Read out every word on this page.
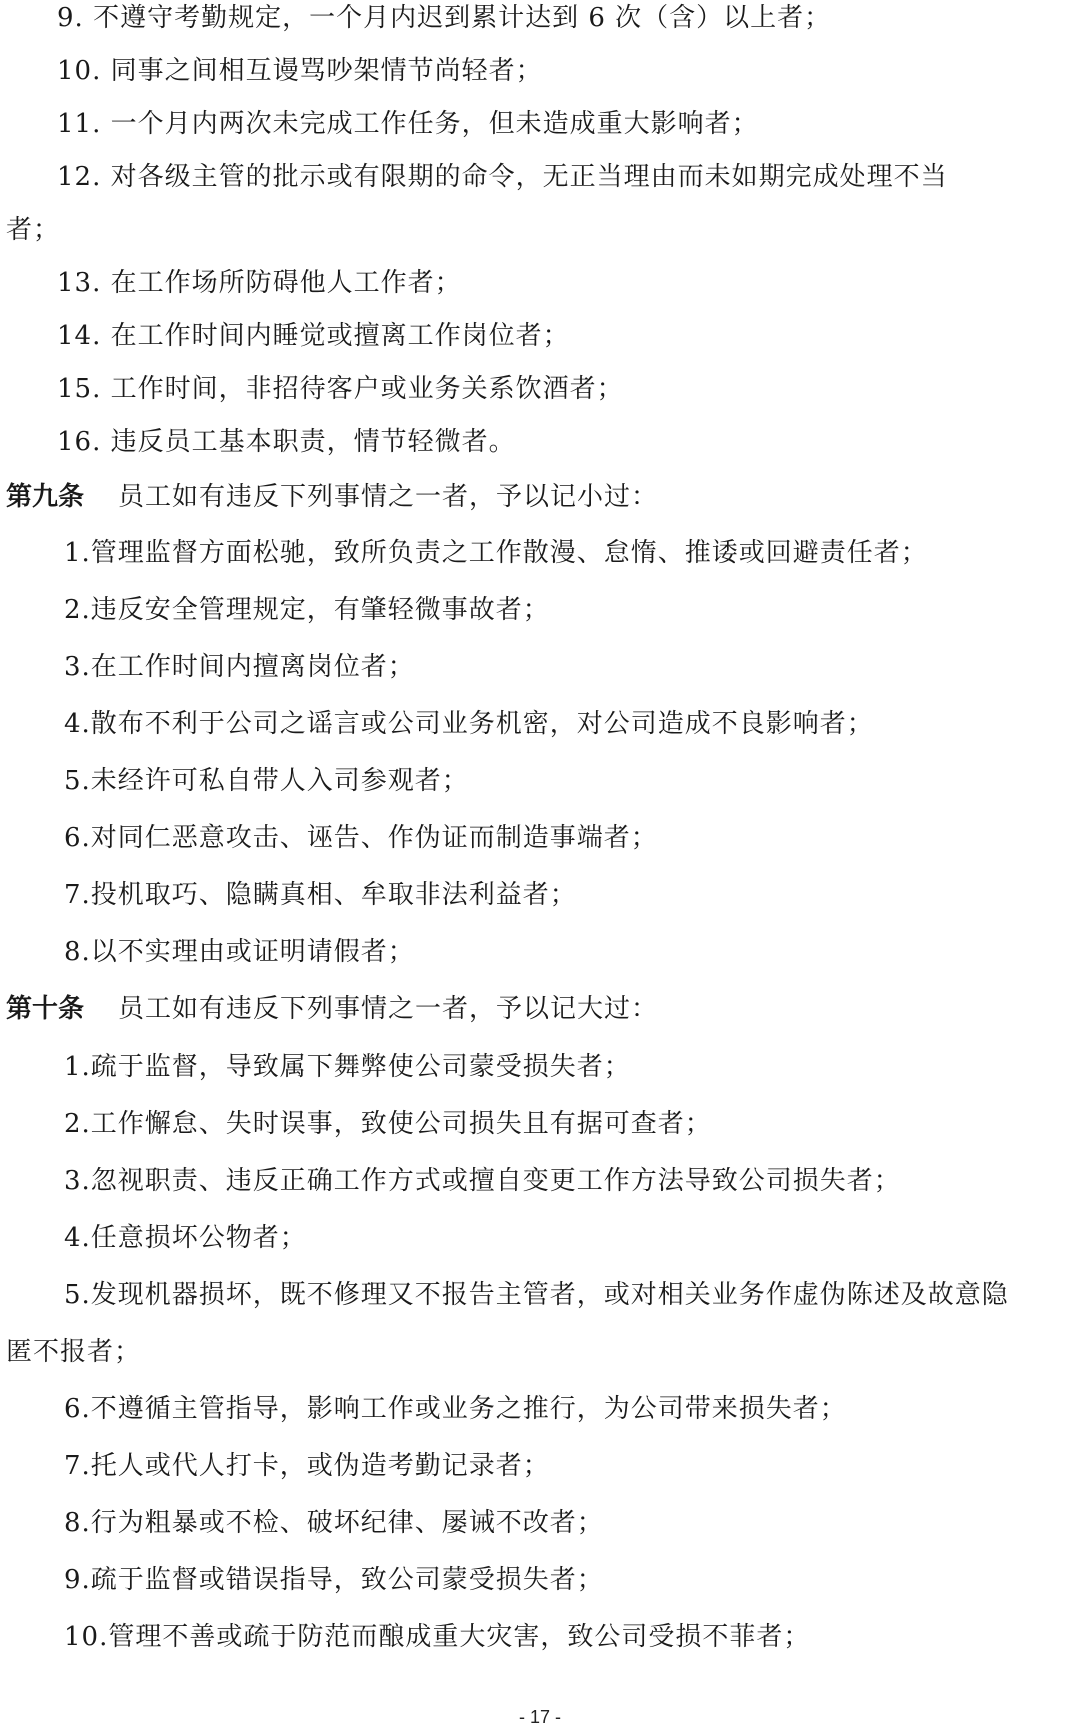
9. 不遵守考勤规定，一个月内迟到累计达到 6 次（含）以上者；
10. 同事之间相互谩骂吵架情节尚轻者；
11. 一个月内两次未完成工作任务，但未造成重大影响者；
12. 对各级主管的批示或有限期的命令，无正当理由而未如期完成处理不当
者；
13. 在工作场所防碍他人工作者；
14. 在工作时间内睡觉或擅离工作岗位者；
15. 工作时间，非招待客户或业务关系饮酒者；
16. 违反员工基本职责，情节轻微者。
第九条 员工如有违反下列事情之一者，予以记小过：
1.管理监督方面松驰，致所负责之工作散漫、怠惰、推诿或回避责任者；
2.违反安全管理规定，有肇轻微事故者；
3.在工作时间内擅离岗位者；
4.散布不利于公司之谣言或公司业务机密，对公司造成不良影响者；
5.未经许可私自带人入司参观者；
6.对同仁恶意攻击、诬告、作伪证而制造事端者；
7.投机取巧、隐瞒真相、牟取非法利益者；
8.以不实理由或证明请假者；
第十条 员工如有违反下列事情之一者，予以记大过：
1.疏于监督，导致属下舞弊使公司蒙受损失者；
2.工作懈怠、失时误事，致使公司损失且有据可查者；
3.忽视职责、违反正确工作方式或擅自变更工作方法导致公司损失者；
4.任意损坏公物者；
5.发现机器损坏，既不修理又不报告主管者，或对相关业务作虚伪陈述及故意隐
匿不报者；
6.不遵循主管指导，影响工作或业务之推行，为公司带来损失者；
7.托人或代人打卡，或伪造考勤记录者；
8.行为粗暴或不检、破坏纪律、屡诫不改者；
9.疏于监督或错误指导，致公司蒙受损失者；
10.管理不善或疏于防范而酿成重大灾害，致公司受损不菲者；
- 17 -
